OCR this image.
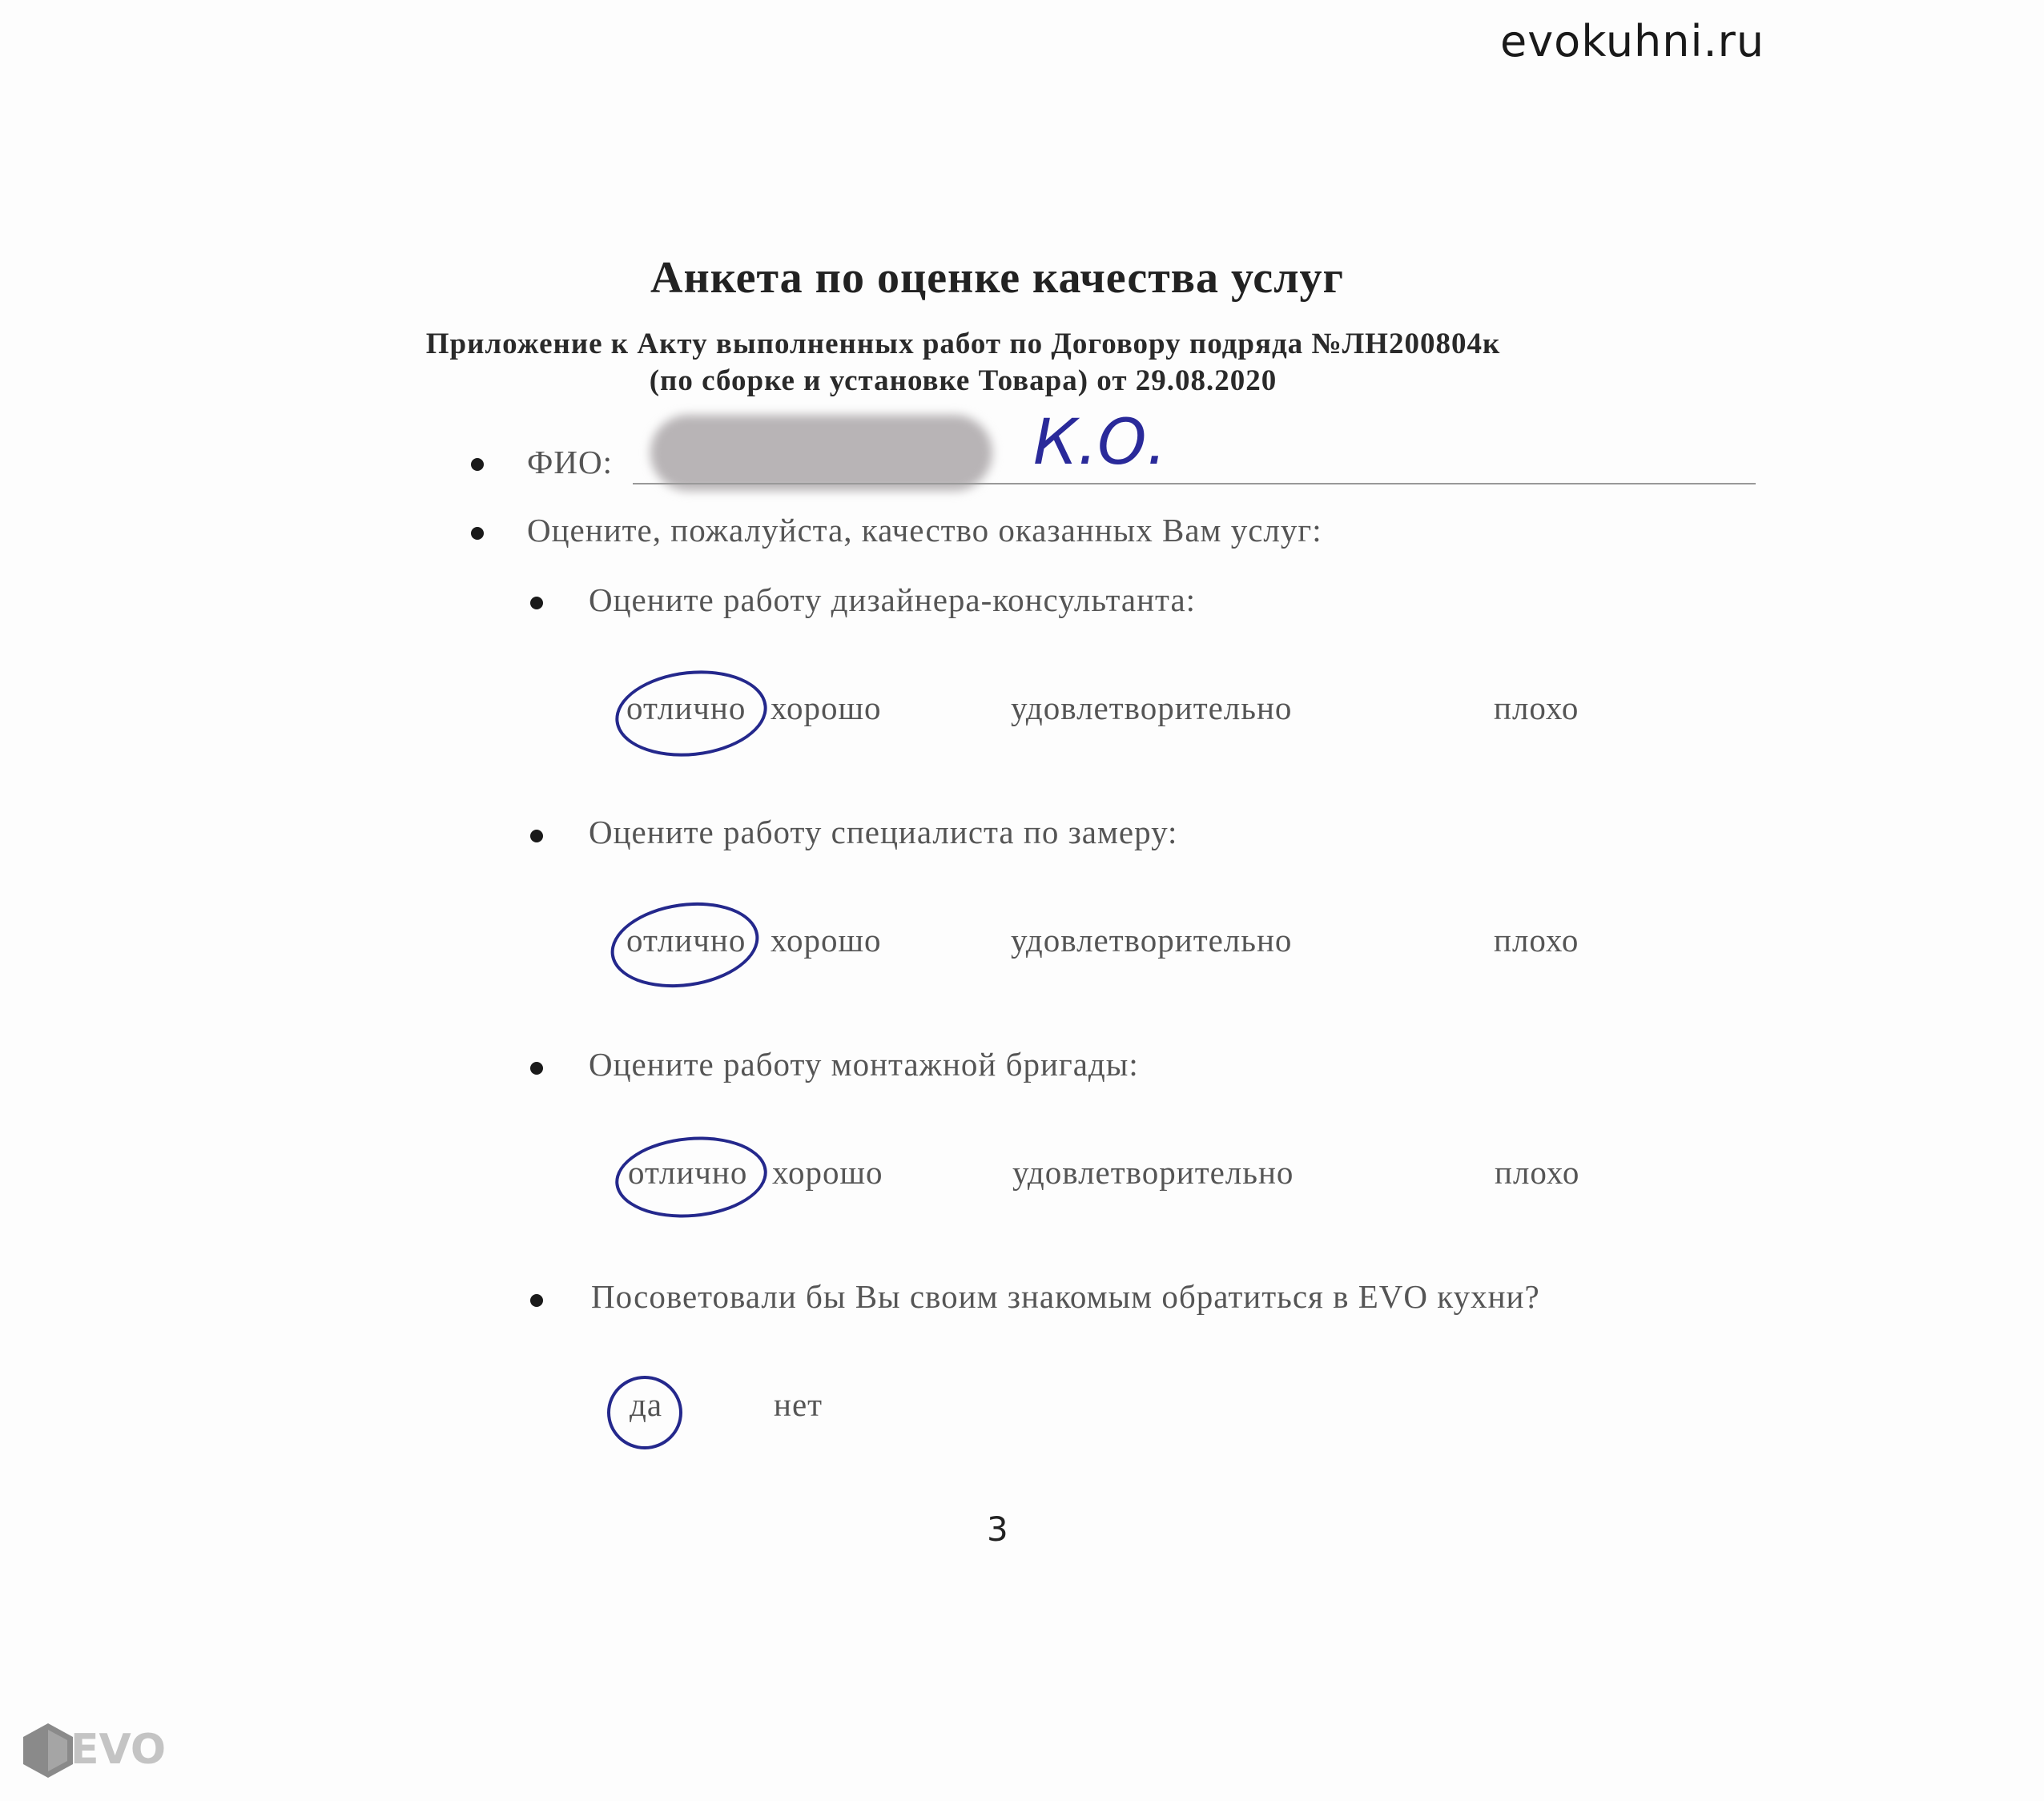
evokuhni.ru
Анкета по оценке качества услуг
Приложение к Акту выполненных работ по Договору подряда №ЛН200804к
(по сборке и установке Товара) от 29.08.2020
ФИО:	К.О.
Оцените, пожалуйста, качество оказанных Вам услуг:
Оцените работу дизайнера-консультанта:
отлично хорошо	удовлетворительно	плохо
Оцените работу специалиста по замеру:
отлично хорошо	удовлетворительно	плохо
Оцените работу монтажной бригады:
отлично хорошо	удовлетворительно	плохо
Посоветовали бы Вы своим знакомым обратиться в EVO кухни?
да	нет
3
EVO
